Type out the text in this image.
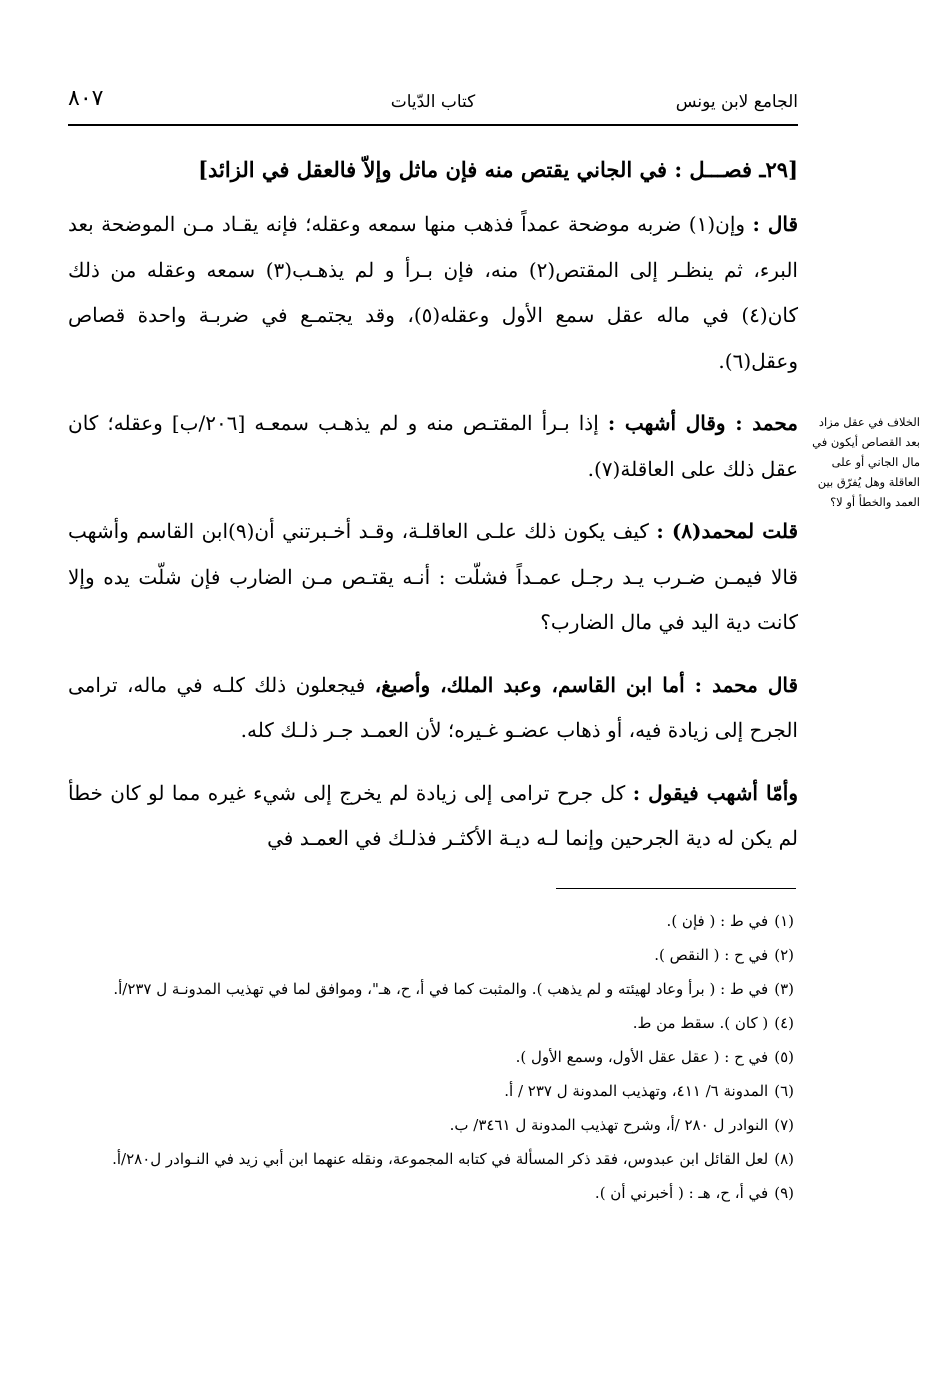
الجامع لابن يونس
كتاب الدّيات
٨٠٧
[٢٩ـ فصـــل : في الجاني يقتص منه فإن ماثل وإلاّ فالعقل في الزائد]

قال : وإن(١) ضربه موضحة عمداً فذهب منها سمعه وعقله؛ فإنه يقـاد مـن الموضحة بعد البرء، ثم ينظـر إلى المقتص(٢) منه، فإن بـرأ و لم يذهـب(٣) سمعه وعقله من ذلك كان(٤) في ماله عقل سمع الأول وعقله(٥)، وقد يجتمـع في ضربـة واحدة قصاص وعقل(٦).

محمد : وقال أشهب : إذا بـرأ المقتـص منه و لم يذهـب سمعـه [٢٠٦/ب] وعقله؛ كان عقل ذلك على العاقلة(٧).

قلت لمحمد(٨) : كيف يكون ذلك علـى العاقلـة، وقـد أخـبرتني أن(٩)ابن القاسم وأشهب قالا فيمـن ضـرب يـد رجـل عمـداً فشلّت : أنـه يقتـص مـن الضارب فإن شلّت يده وإلا كانت دية اليد في مال الضارب؟

قال محمد : أما ابن القاسم، وعبد الملك، وأصبغ، فيجعلون ذلك كلـه في ماله، ترامى الجرح إلى زيادة فيه، أو ذهاب عضـو غـيره؛ لأن العمـد جـر ذلـك كله.

وأمّا أشهب فيقول : كل جرح ترامى إلى زيادة لم يخرج إلى شيء غيره مما لو كان خطأ لم يكن له دية الجرحين وإنما لـه ديـة الأكثـر فذلـك في العمـد في

الخلاف في عقل مزاد بعد القصاص أيكون في مال الجاني أو على العاقلة وهل يُفرّق بين العمد والخطأ أو لا؟

(١)في ط : ( فإن ).

(٢)في ح : ( النقص ).

(٣)في ط : ( برأ وعاد لهيئته و لم يذهب ). والمثبت كما في أ، ح، هـ"، وموافق لما في تهذيب المدونـة ل ٢٣٧/أ.

(٤)( كان ). سقط من ط.

(٥)في ح : ( عقل عقل الأول، وسمع الأول ).

(٦)المدونة ٦/ ٤١١، وتهذيب المدونة ل ٢٣٧ / أ.

(٧)النوادر ل ٢٨٠ /أ، وشرح تهذيب المدونة ل ٣٤٦١/ ب.

(٨)لعل القائل ابن عبدوس، فقد ذكر المسألة في كتابه المجموعة، ونقله عنهما ابن أبي زيد في النـوادر ل٢٨٠/أ.

(٩)في أ، ح، هـ : ( أخبرني أن ).
